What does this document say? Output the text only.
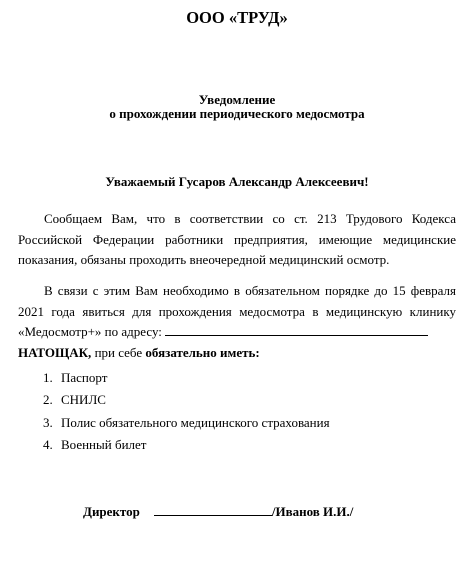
ООО «ТРУД»
Уведомление
о прохождении периодического медосмотра
Уважаемый Гусаров Александр Алексеевич!
Сообщаем Вам, что в соответствии со ст. 213 Трудового Кодекса Российской Федерации работники предприятия, имеющие медицинские показания, обязаны проходить внеочередной медицинский осмотр.
В связи с этим Вам необходимо в обязательном порядке до 15 февраля 2021 года явиться для прохождения медосмотра в медицинскую клинику «Медосмотр+» по адресу:
НАТОЩАК, при себе обязательно иметь:
1. Паспорт
2. СНИЛС
3. Полис обязательного медицинского страхования
4. Военный билет
Директор	/Иванов И.И./
